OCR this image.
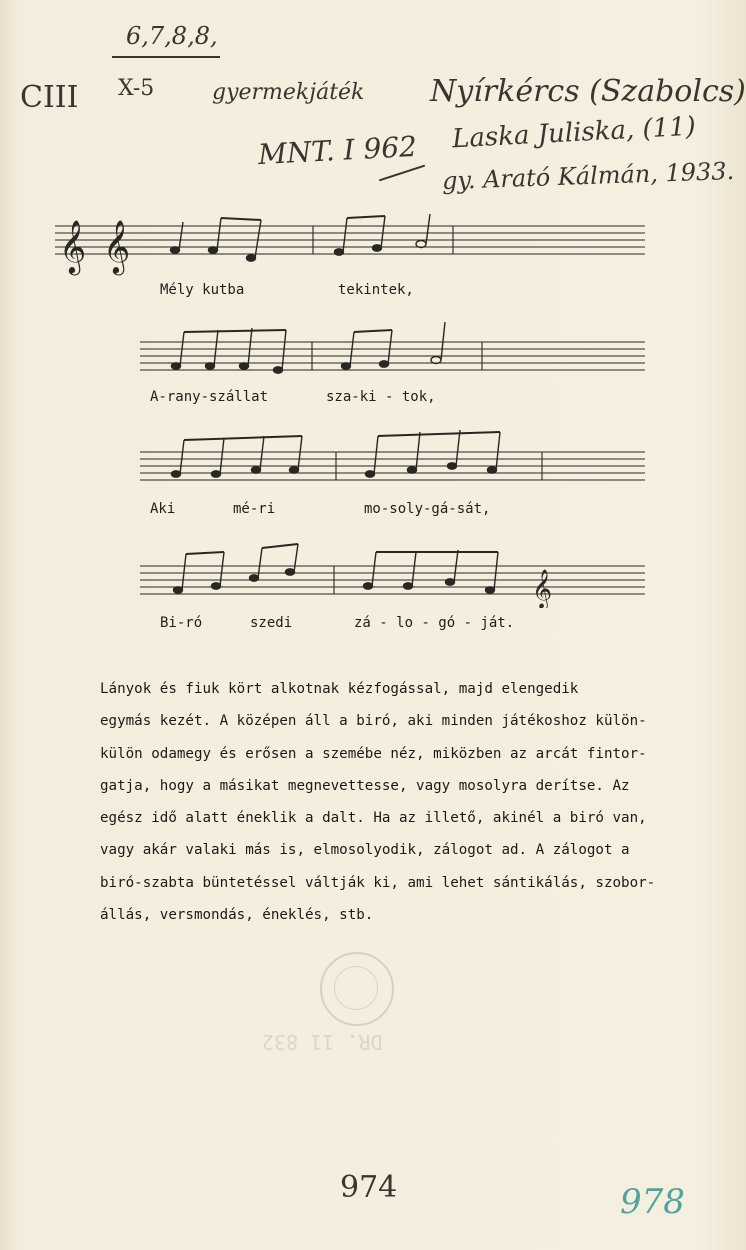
6,7,8,8,
CIII X-5	gyermekjáték Nyírkércs (Szabolcs)
MNT. I 962 Laska Juliska, (11)
gy. Arató Kálmán, 1933.
𝄞 𝄞
Mély kutba	tekintek,
A-rany-szállat	sza-ki - tok,
Aki	mé-ri	mo-soly-gá-sát,
𝄞
Bi-ró	szedi	zá - lo - gó - ját.
Lányok és fiuk kört alkotnak kézfogással, majd elengedik
egymás kezét. A középen áll a biró, aki minden játékoshoz külön-
külön odamegy és erősen a szemébe néz, miközben az arcát fintor-
gatja, hogy a másikat megnevettesse, vagy mosolyra derítse. Az
egész idő alatt éneklik a dalt. Ha az illető, akinél a biró van,
vagy akár valaki más is, elmosolyodik, zálogot ad. A zálogot a
biró-szabta büntetéssel váltják ki, ami lehet sántikálás, szobor-
állás, versmondás, éneklés, stb.
DR. 11 832
974	978
